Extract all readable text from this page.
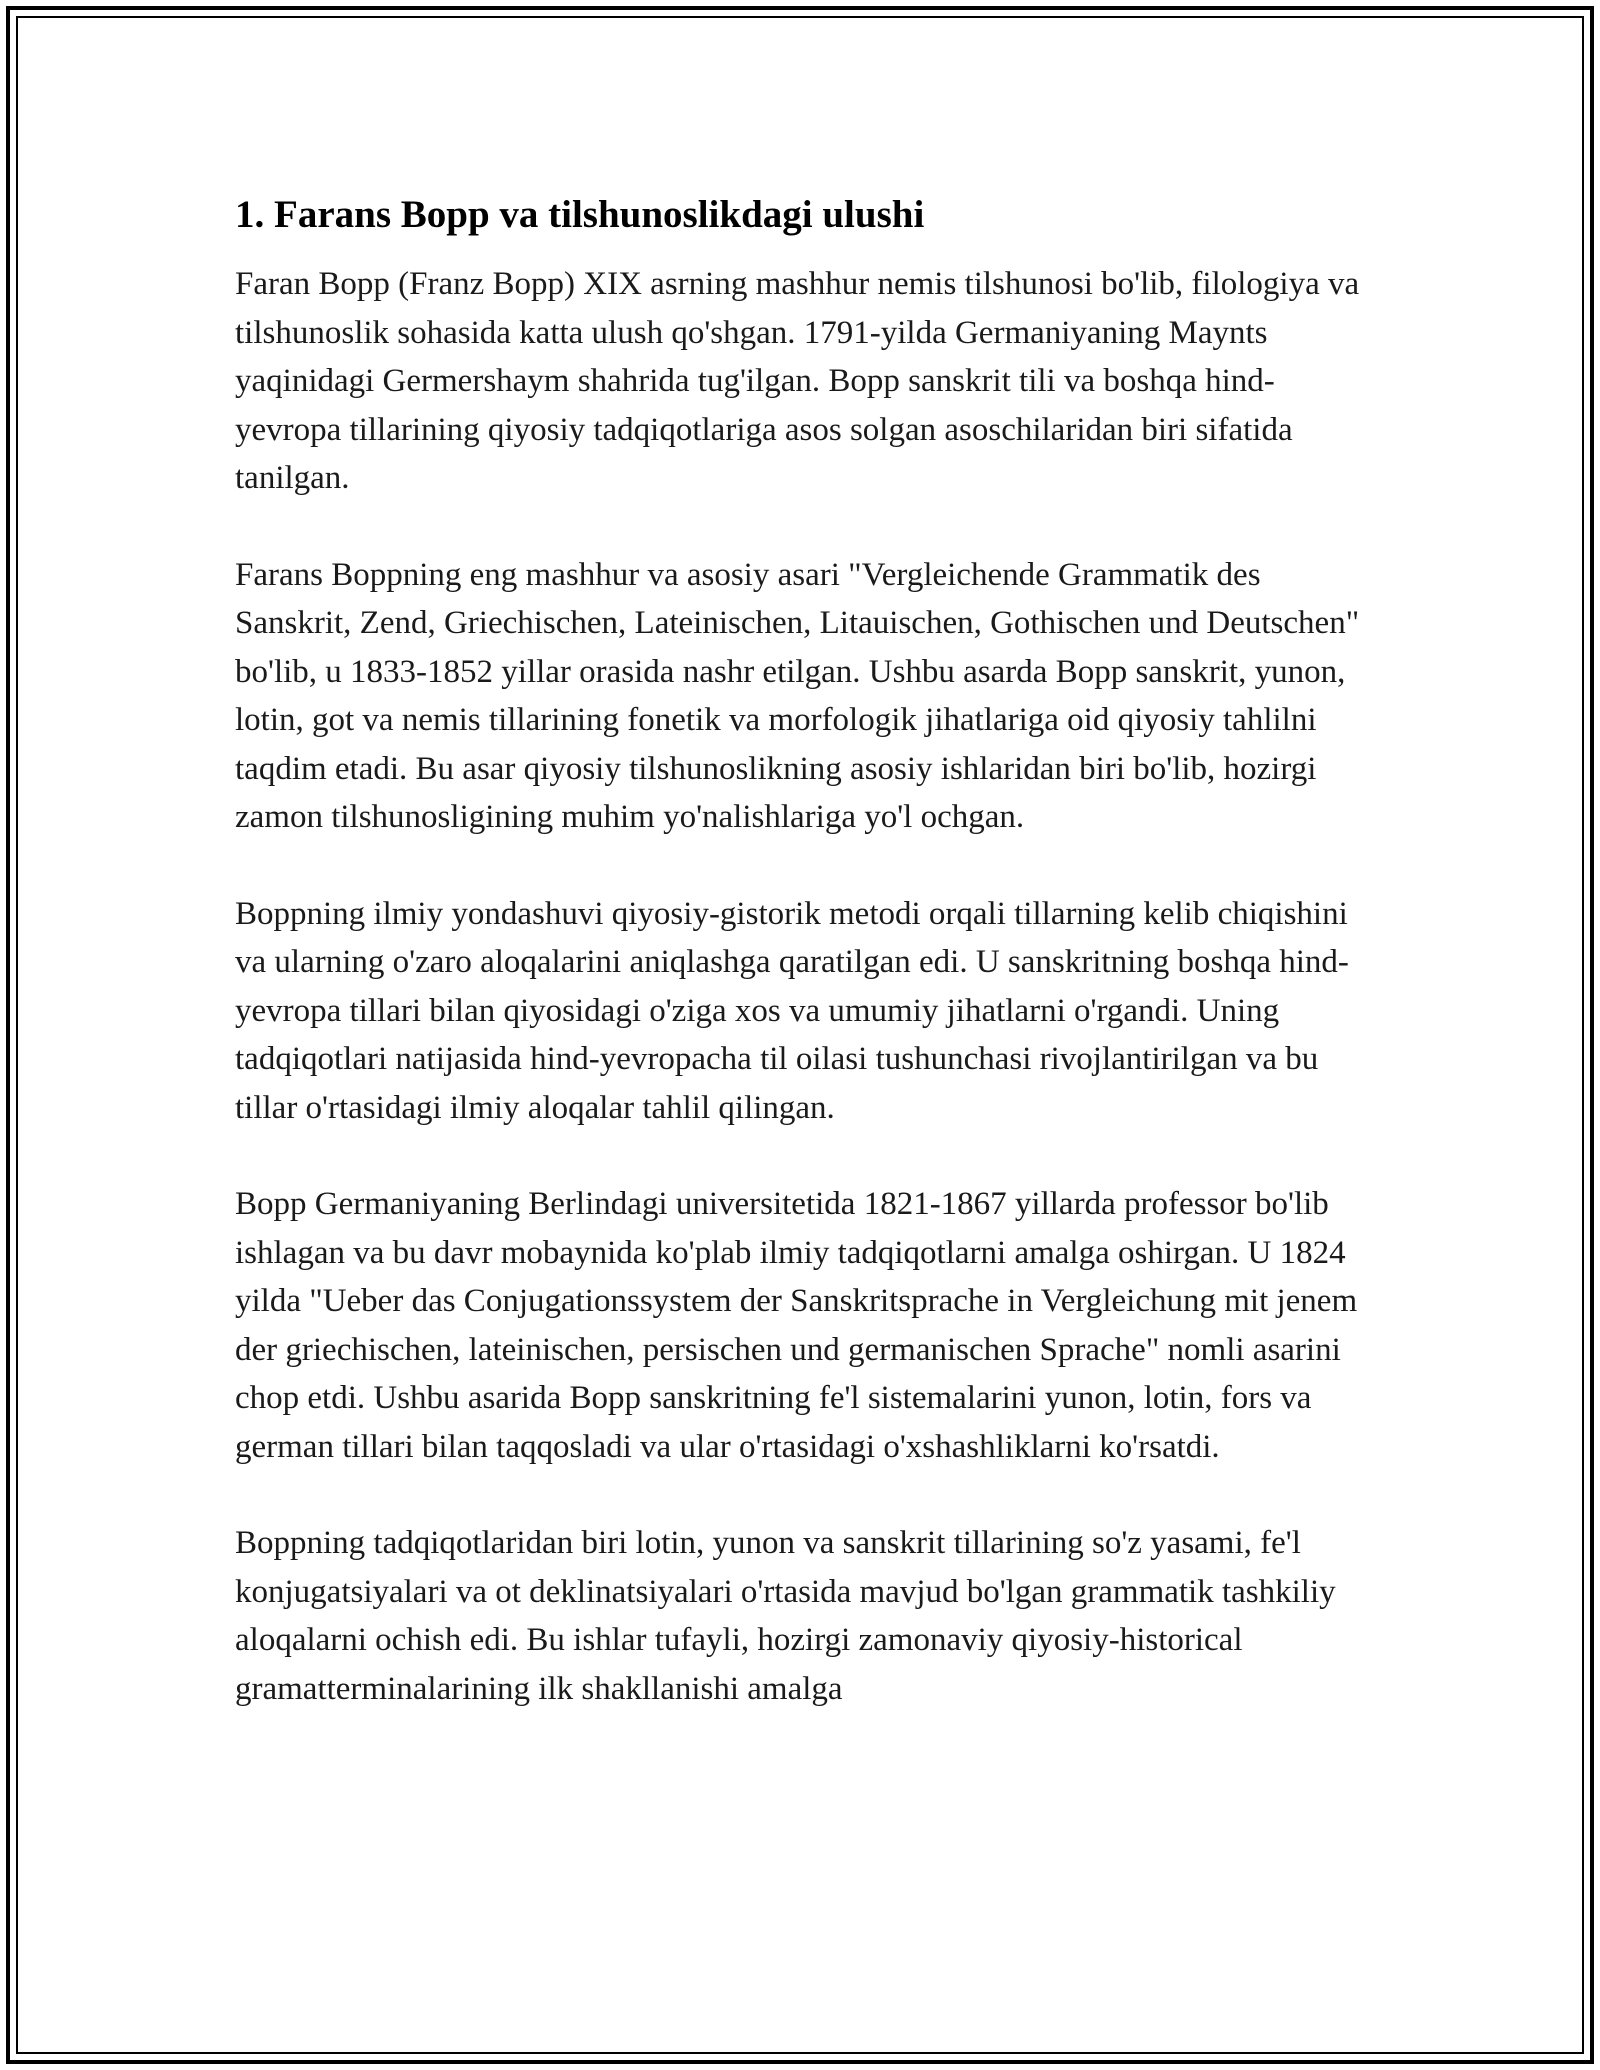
1. Farans Bopp va tilshunoslikdagi ulushi

Faran Bopp (Franz Bopp) XIX asrning mashhur nemis tilshunosi bo'lib, filologiya va tilshunoslik sohasida katta ulush qo'shgan. 1791-yilda Germaniyaning Maynts yaqinidagi Germershaym shahrida tug'ilgan. Bopp sanskrit tili va boshqa hind-yevropa tillarining qiyosiy tadqiqotlariga asos solgan asoschilaridan biri sifatida tanilgan.

Farans Boppning eng mashhur va asosiy asari "Vergleichende Grammatik des Sanskrit, Zend, Griechischen, Lateinischen, Litauischen, Gothischen und Deutschen" bo'lib, u 1833-1852 yillar orasida nashr etilgan. Ushbu asarda Bopp sanskrit, yunon, lotin, got va nemis tillarining fonetik va morfologik jihatlariga oid qiyosiy tahlilni taqdim etadi. Bu asar qiyosiy tilshunoslikning asosiy ishlaridan biri bo'lib, hozirgi zamon tilshunosligining muhim yo'nalishlariga yo'l ochgan.

Boppning ilmiy yondashuvi qiyosiy-gistorik metodi orqali tillarning kelib chiqishini va ularning o'zaro aloqalarini aniqlashga qaratilgan edi. U sanskritning boshqa hind-yevropa tillari bilan qiyosidagi o'ziga xos va umumiy jihatlarni o'rgandi. Uning tadqiqotlari natijasida hind-yevropacha til oilasi tushunchasi rivojlantirilgan va bu tillar o'rtasidagi ilmiy aloqalar tahlil qilingan.

Bopp Germaniyaning Berlindagi universitetida 1821-1867 yillarda professor bo'lib ishlagan va bu davr mobaynida ko'plab ilmiy tadqiqotlarni amalga oshirgan. U 1824 yilda "Ueber das Conjugationssystem der Sanskritsprache in Vergleichung mit jenem der griechischen, lateinischen, persischen und germanischen Sprache" nomli asarini chop etdi. Ushbu asarida Bopp sanskritning fe'l sistemalarini yunon, lotin, fors va german tillari bilan taqqosladi va ular o'rtasidagi o'xshashliklarni ko'rsatdi.

Boppning tadqiqotlaridan biri lotin, yunon va sanskrit tillarining so'z yasami, fe'l konjugatsiyalari va ot deklinatsiyalari o'rtasida mavjud bo'lgan grammatik tashkiliy aloqalarni ochish edi. Bu ishlar tufayli, hozirgi zamonaviy qiyosiy-historical gramatterminalarining ilk shakllanishi amalga
